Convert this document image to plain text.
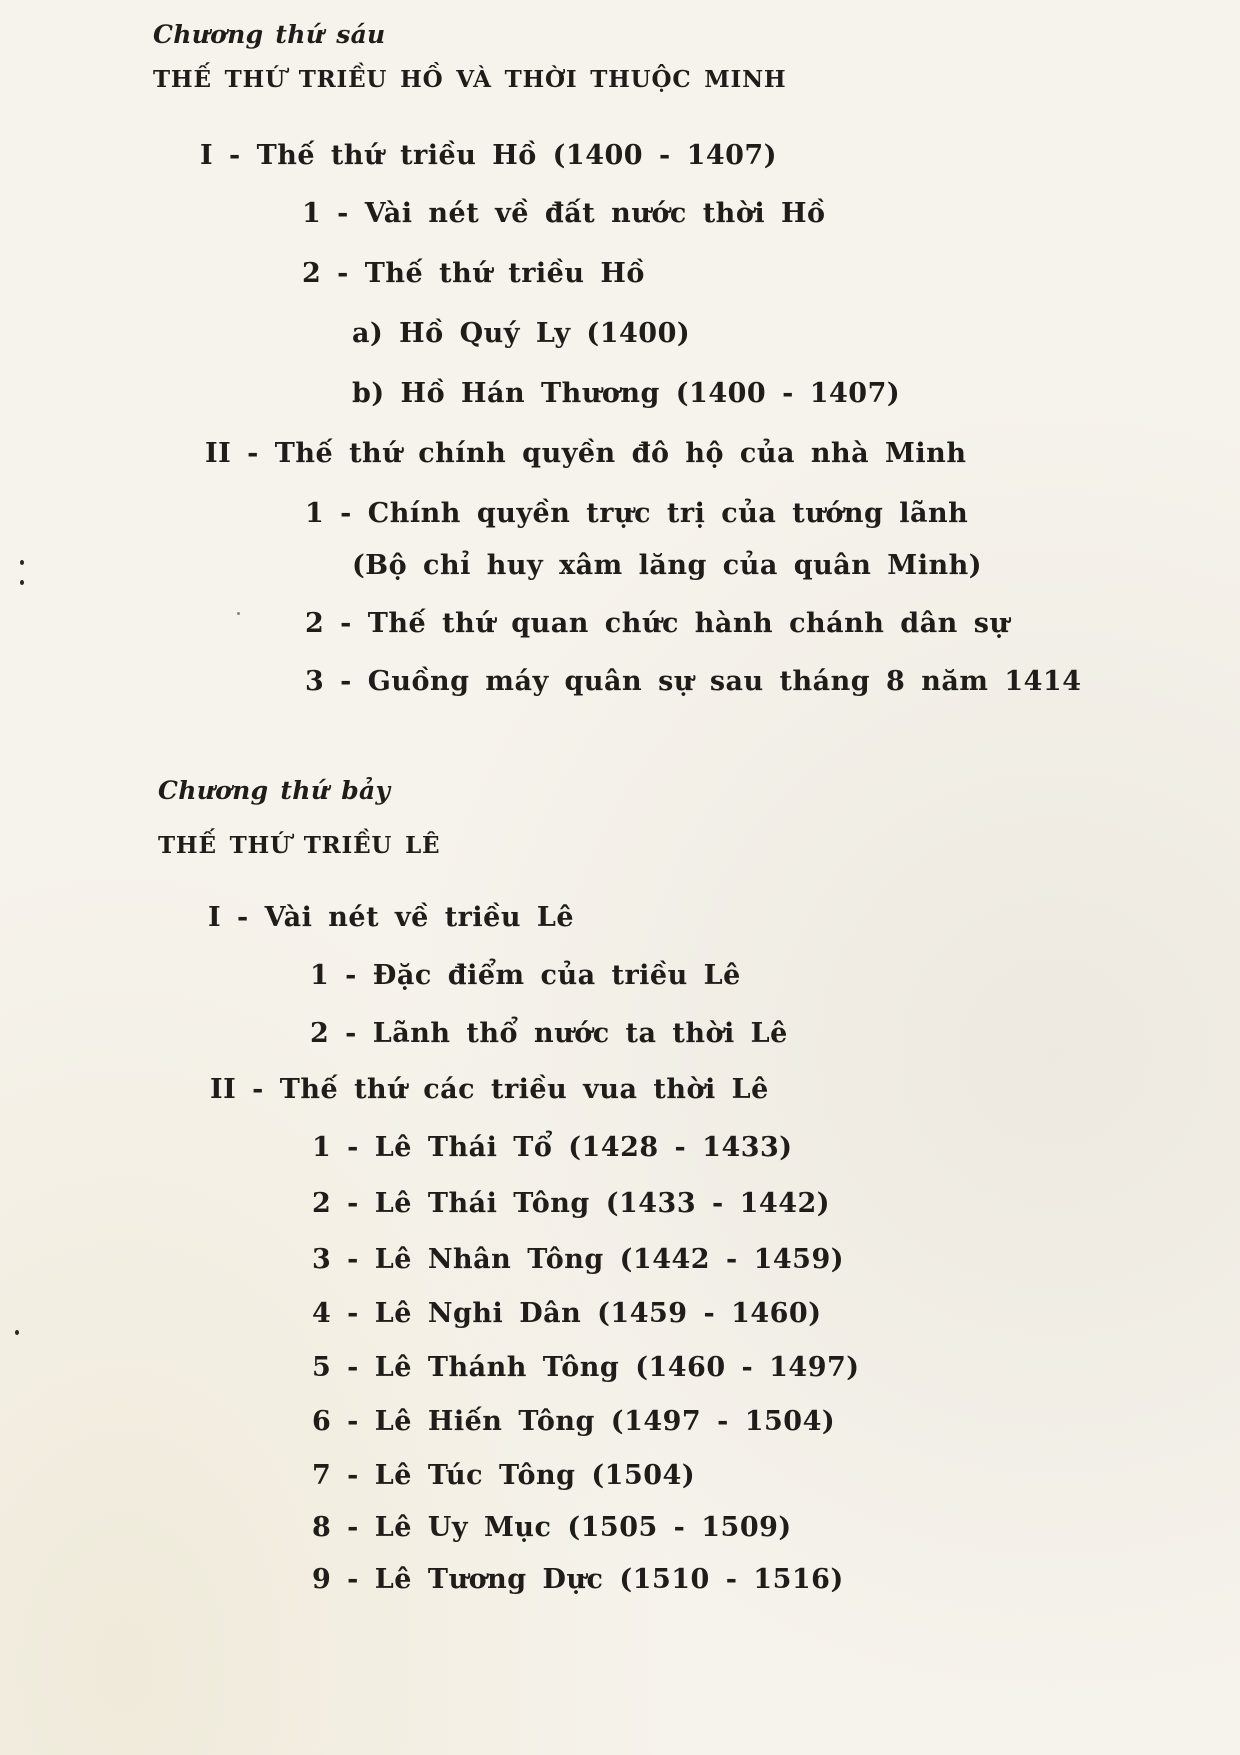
Chương thứ sáu
THẾ THỨ TRIỀU HỒ VÀ THỜI THUỘC MINH
I - Thế thứ triều Hồ (1400 - 1407)
1 - Vài nét về đất nước thời Hồ
2 - Thế thứ triều Hồ
a) Hồ Quý Ly (1400)
b) Hồ Hán Thương (1400 - 1407)
II - Thế thứ chính quyền đô hộ của nhà Minh
1 - Chính quyền trực trị của tướng lãnh
(Bộ chỉ huy xâm lăng của quân Minh)
2 - Thế thứ quan chức hành chánh dân sự
3 - Guồng máy quân sự sau tháng 8 năm 1414
Chương thứ bảy
THẾ THỨ TRIỀU LÊ
I - Vài nét về triều Lê
1 - Đặc điểm của triều Lê
2 - Lãnh thổ nước ta thời Lê
II - Thế thứ các triều vua thời Lê
1 - Lê Thái Tổ (1428 - 1433)
2 - Lê Thái Tông (1433 - 1442)
3 - Lê Nhân Tông (1442 - 1459)
4 - Lê Nghi Dân (1459 - 1460)
5 - Lê Thánh Tông (1460 - 1497)
6 - Lê Hiến Tông (1497 - 1504)
7 - Lê Túc Tông (1504)
8 - Lê Uy Mục (1505 - 1509)
9 - Lê Tương Dực (1510 - 1516)
